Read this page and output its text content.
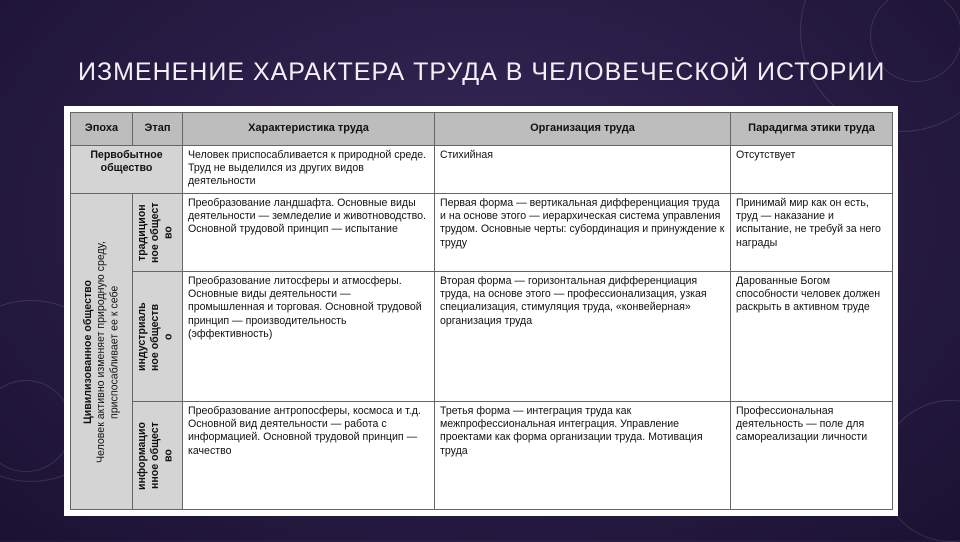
ИЗМЕНЕНИЕ ХАРАКТЕРА ТРУДА В ЧЕЛОВЕЧЕСКОЙ ИСТОРИИ
Эпоха	Этап	Характеристика труда	Организация труда	Парадигма этики труда
Первобытное общество		Человек приспосабливается к природной среде. Труд не выделился из других видов деятельности	Стихийная	Отсутствует

Цивилизованное общество
Человек активно изменяет природную среду, приспосабливает ее к себе	традиционное общество	Преобразование ландшафта. Основные виды деятельности — земледелие и животноводство. Основной трудовой принцип — испытание	Первая форма — вертикальная дифференциация труда и на основе этого — иерархическая система управления трудом. Основные черты: субординация и принуждение к труду	Принимай мир как он есть, труд — наказание и испытание, не требуй за него награды

	индустриальное общество	Преобразование литосферы и атмосферы. Основные виды деятельности — промышленная и торговая. Основной трудовой принцип — производительность (эффективность)	Вторая форма — горизонтальная дифференциация труда, на основе этого — профессионализация, узкая специализация, стимуляция труда, «конвейерная» организация труда	Дарованные Богом способности человек должен раскрыть в активном труде

	информационное общество	Преобразование антропосферы, космоса и т.д. Основной вид деятельности — работа с информацией. Основной трудовой принцип — качество	Третья форма — интеграция труда как межпрофессиональная интеграция. Управление проектами как форма организации труда. Мотивация труда	Профессиональная деятельность — поле для самореализации личности
